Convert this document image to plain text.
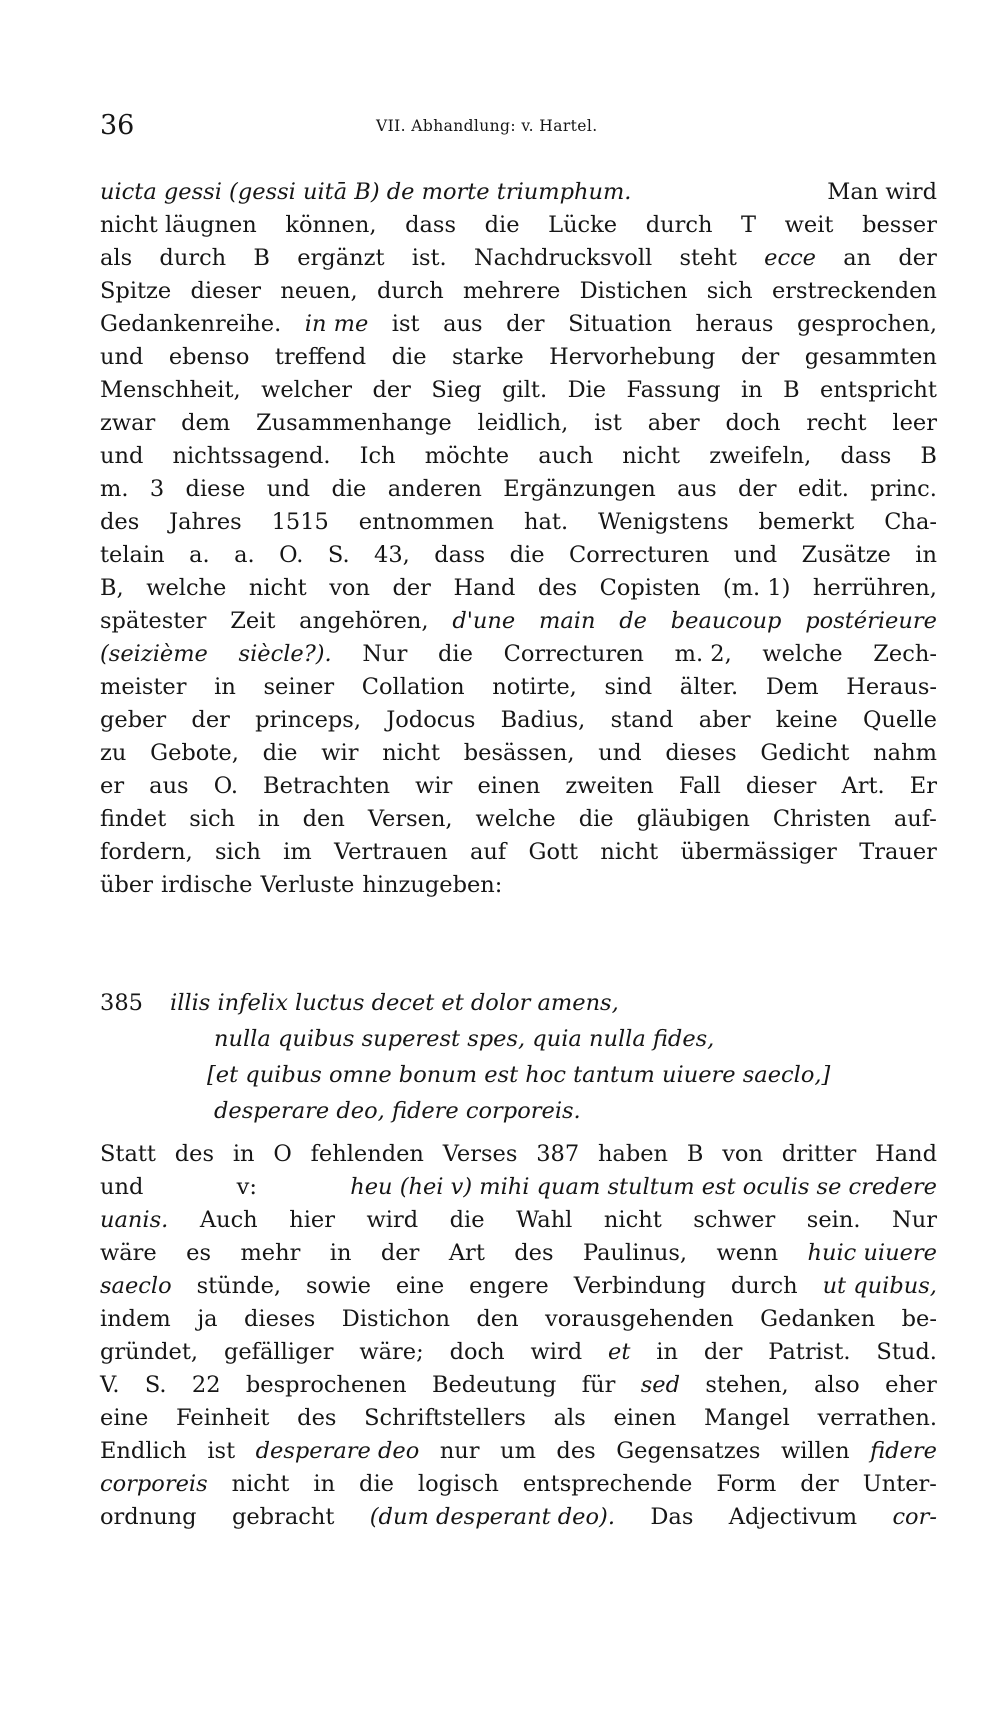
36	VII. Abhandlung: v. Hartel.
uicta gessi (gessi uitā B) de morte triumphum.	Man wird
nicht läugnen können, dass die Lücke durch T weit besser
als durch B ergänzt ist. Nachdrucksvoll steht ecce an der
Spitze dieser neuen, durch mehrere Distichen sich erstreckenden
Gedankenreihe. in me ist aus der Situation heraus gesprochen,
und ebenso treffend die starke Hervorhebung der gesammten
Menschheit, welcher der Sieg gilt. Die Fassung in B entspricht
zwar dem Zusammenhange leidlich, ist aber doch recht leer
und nichtssagend. Ich möchte auch nicht zweifeln, dass B
m. 3 diese und die anderen Ergänzungen aus der edit. princ.
des Jahres 1515 entnommen hat. Wenigstens bemerkt Cha-
telain a. a. O. S. 43, dass die Correcturen und Zusätze in
B, welche nicht von der Hand des Copisten (m. 1) herrühren,
spätester Zeit angehören, d'une main de beaucoup postérieure
(seizième siècle?). Nur die Correcturen m. 2, welche Zech-
meister in seiner Collation notirte, sind älter. Dem Heraus-
geber der princeps, Jodocus Badius, stand aber keine Quelle
zu Gebote, die wir nicht besässen, und dieses Gedicht nahm
er aus O. Betrachten wir einen zweiten Fall dieser Art. Er
findet sich in den Versen, welche die gläubigen Christen auf-
fordern, sich im Vertrauen auf Gott nicht übermässiger Trauer
über irdische Verluste hinzugeben:
385 illis infelix luctus decet et dolor amens,
nulla quibus superest spes, quia nulla fides,
[et quibus omne bonum est hoc tantum uiuere saeclo,]
desperare deo, fidere corporeis.
Statt des in O fehlenden Verses 387 haben B von dritter Hand
und	v:	heu (hei v) mihi quam stultum est oculis se credere
uanis. Auch hier wird die Wahl nicht schwer sein. Nur
wäre es mehr in der Art des Paulinus, wenn huic uiuere
saeclo stünde, sowie eine engere Verbindung durch ut quibus,
indem ja dieses Distichon den vorausgehenden Gedanken be-
gründet, gefälliger wäre; doch wird et in der Patrist. Stud.
V. S. 22 besprochenen Bedeutung für sed stehen, also eher
eine Feinheit des Schriftstellers als einen Mangel verrathen.
Endlich ist desperare deo nur um des Gegensatzes willen fidere
corporeis nicht in die logisch entsprechende Form der Unter-
ordnung gebracht (dum desperant deo). Das Adjectivum cor-
